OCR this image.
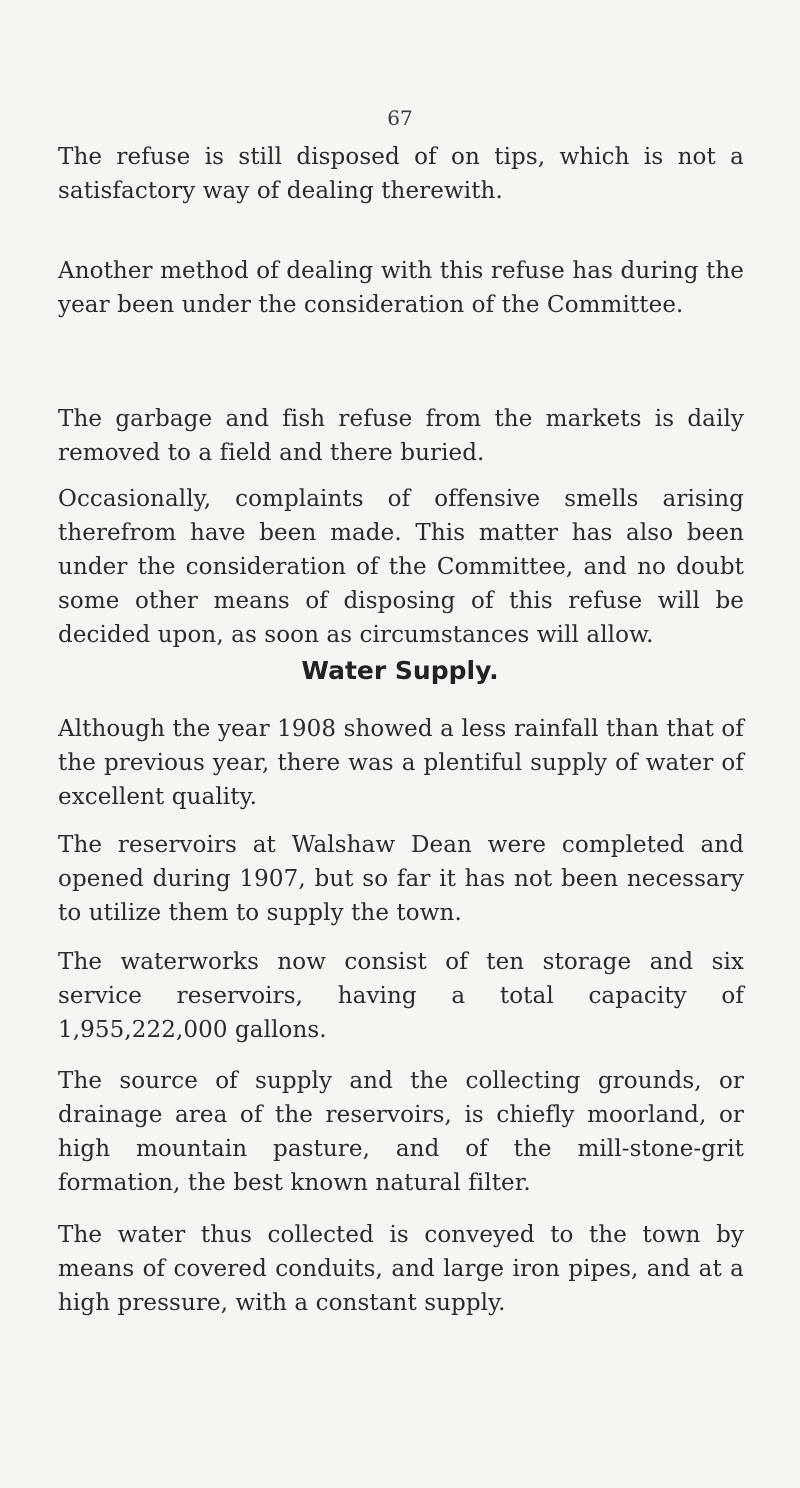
67

The refuse is still disposed of on tips, which is not a satisfactory way of dealing therewith.

Another method of dealing with this refuse has during the year been under the consideration of the Committee.

The garbage and fish refuse from the markets is daily removed to a field and there buried.

Occasionally, complaints of offensive smells arising therefrom have been made. This matter has also been under the consideration of the Committee, and no doubt some other means of disposing of this refuse will be decided upon, as soon as circumstances will allow.

Water Supply.

Although the year 1908 showed a less rainfall than that of the previous year, there was a plentiful supply of water of excellent quality.

The reservoirs at Walshaw Dean were completed and opened during 1907, but so far it has not been necessary to utilize them to supply the town.

The waterworks now consist of ten storage and six service reservoirs, having a total capacity of 1,955,222,000 gallons.

The source of supply and the collecting grounds, or drainage area of the reservoirs, is chiefly moorland, or high mountain pasture, and of the mill-stone-grit formation, the best known natural filter.

The water thus collected is conveyed to the town by means of covered conduits, and large iron pipes, and at a high pressure, with a constant supply.
